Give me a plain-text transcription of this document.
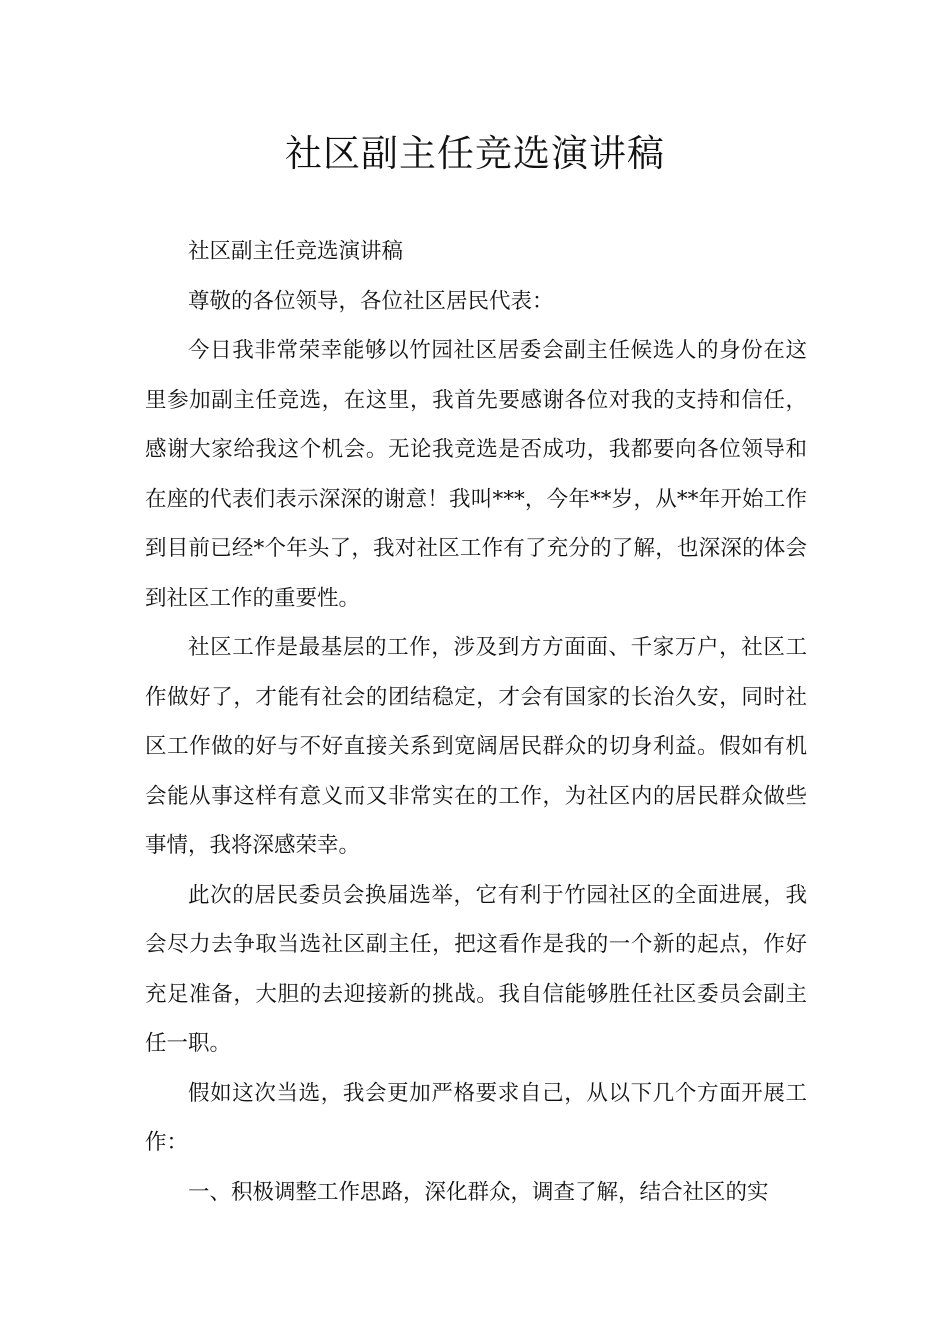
社区副主任竞选演讲稿

社区副主任竞选演讲稿

尊敬的各位领导，各位社区居民代表：

今日我非常荣幸能够以竹园社区居委会副主任候选人的身份在这里参加副主任竞选，在这里，我首先要感谢各位对我的支持和信任，感谢大家给我这个机会。无论我竞选是否成功，我都要向各位领导和在座的代表们表示深深的谢意！我叫***，今年**岁，从**年开始工作到目前已经*个年头了，我对社区工作有了充分的了解，也深深的体会到社区工作的重要性。

社区工作是最基层的工作，涉及到方方面面、千家万户，社区工作做好了，才能有社会的团结稳定，才会有国家的长治久安，同时社区工作做的好与不好直接关系到宽阔居民群众的切身利益。假如有机会能从事这样有意义而又非常实在的工作，为社区内的居民群众做些事情，我将深感荣幸。

此次的居民委员会换届选举，它有利于竹园社区的全面进展，我会尽力去争取当选社区副主任，把这看作是我的一个新的起点，作好充足准备，大胆的去迎接新的挑战。我自信能够胜任社区委员会副主任一职。

假如这次当选，我会更加严格要求自己，从以下几个方面开展工作：

一、积极调整工作思路，深化群众，调查了解，结合社区的实
